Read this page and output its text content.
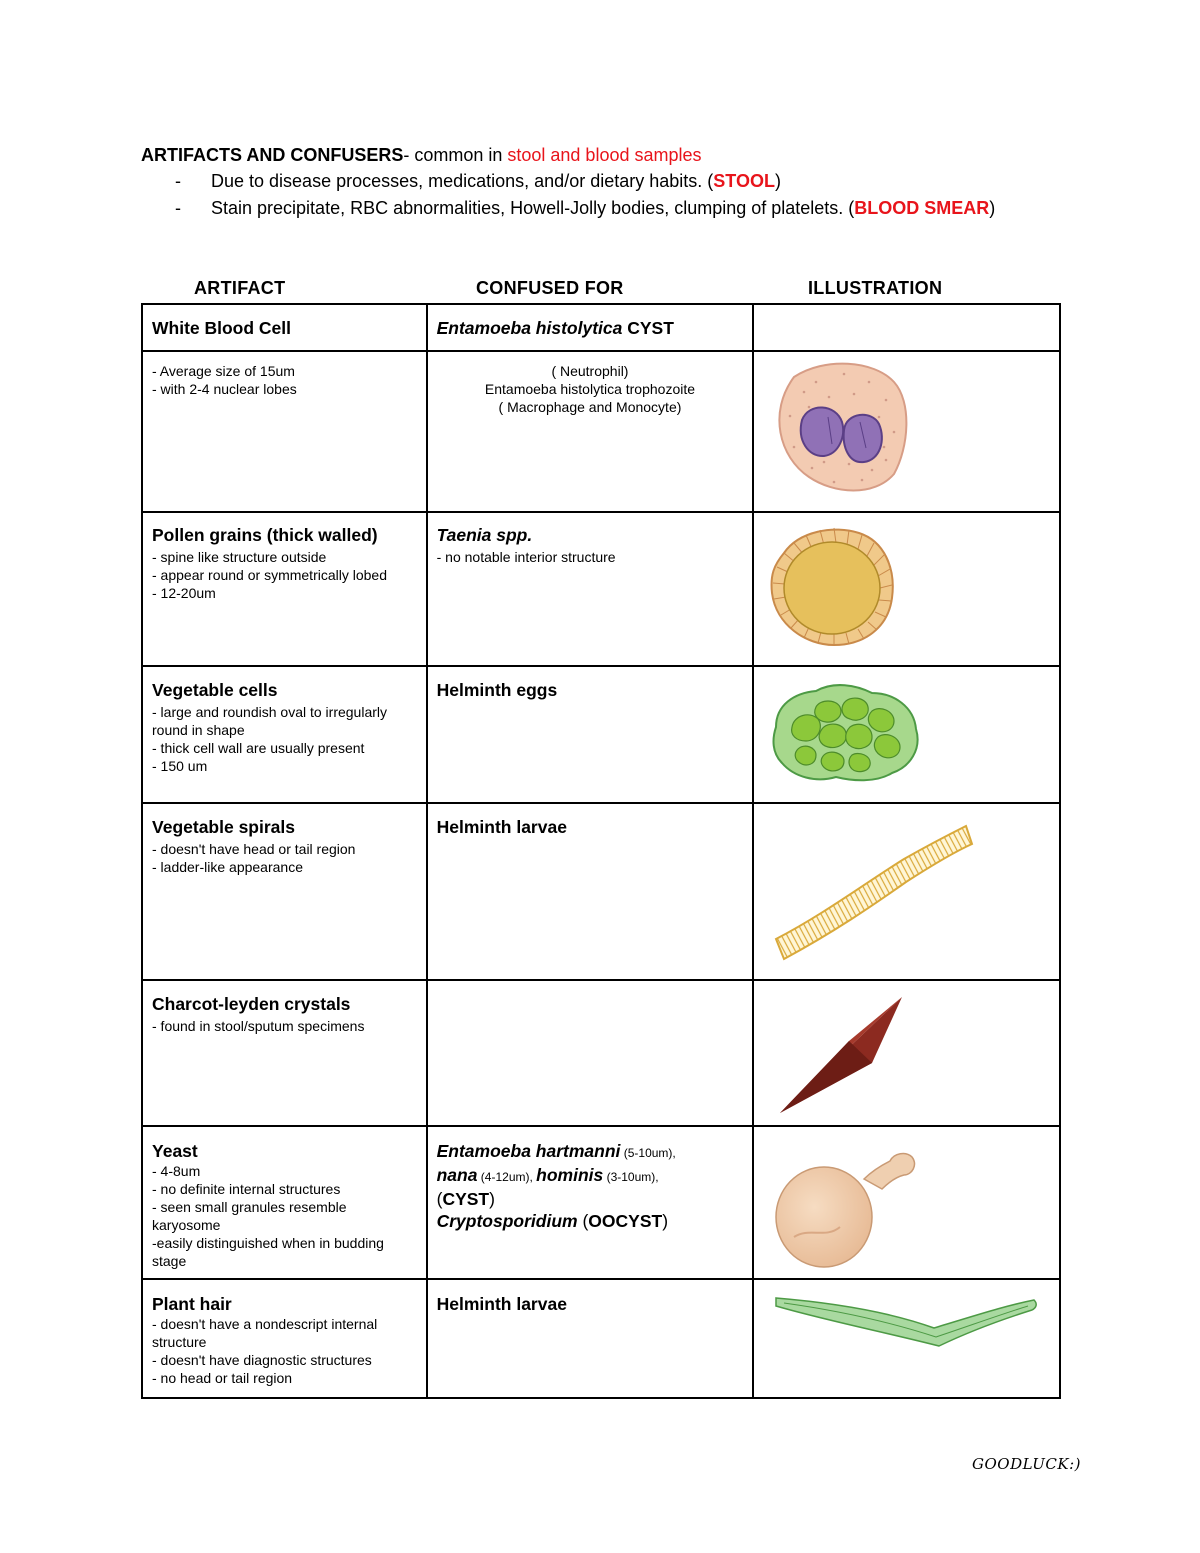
ARTIFACTS AND CONFUSERS- common in stool and blood samples

- Due to disease processes, medications, and/or dietary habits. (STOOL)
- Stain precipitate, RBC abnormalities, Howell-Jolly bodies, clumping of platelets. (BLOOD SMEAR)
ARTIFACT	CONFUSED FOR	ILLUSTRATION
White Blood Cell	Entamoeba histolytica CYST	

- Average size of 15um
- with 2-4 nuclear lobes	( Neutrophil)
Entamoeba histolytica trophozoite
( Macrophage and Monocyte)

Pollen grains (thick walled)
- spine like structure outside
- appear round or symmetrically lobed
- 12-20um	Taenia spp.
- no notable interior structure

Vegetable cells
- large and roundish oval to irregularly round in shape
- thick cell wall are usually present
- 150 um	Helminth eggs

Vegetable spirals
- doesn't have head or tail region
- ladder-like appearance	Helminth larvae

Charcot-leyden crystals
- found in stool/sputum specimens

Yeast
- 4-8um
- no definite internal structures
- seen small granules resemble karyosome
-easily distinguished when in budding stage	Entamoeba hartmanni (5-10um),
nana (4-12um), hominis (3-10um),
(CYST)
Cryptosporidium (OOCYST)

Plant hair
- doesn't have a nondescript internal structure
- doesn't have diagnostic structures
- no head or tail region	Helminth larvae

GOODLUCK:)
